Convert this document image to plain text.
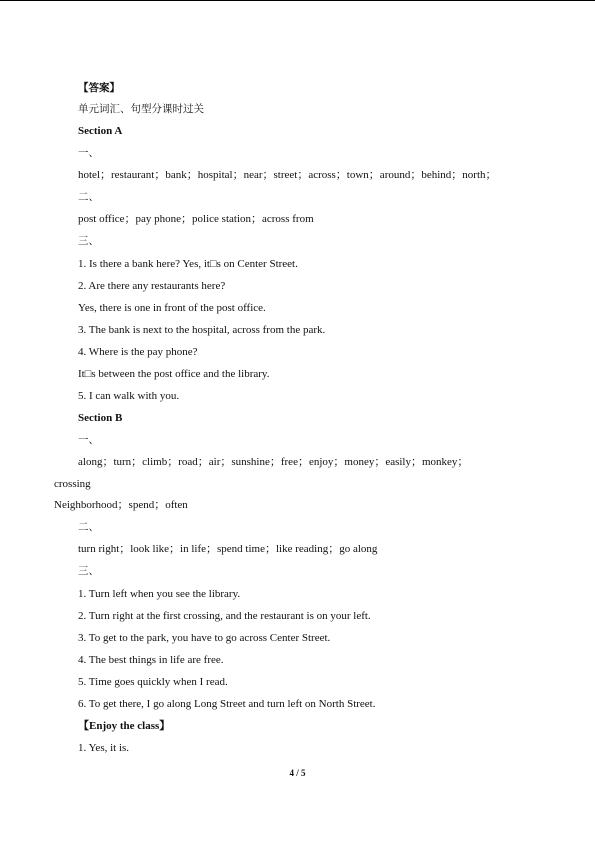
【答案】
单元词汇、句型分课时过关
Section A
一、
hotel；restaurant；bank；hospital；near；street；across；town；around；behind；north；
二、
post office；pay phone；police station；across from
三、
1. Is there a bank here? Yes, it□s on Center Street.
2. Are there any restaurants here?
Yes, there is one in front of the post office.
3. The bank is next to the hospital, across from the park.
4. Where is the pay phone?
It□s between the post office and the library.
5. I can walk with you.
Section B
一、
along；turn；climb；road；air；sunshine；free；enjoy；money；easily；monkey；
crossing
Neighborhood；spend；often
二、
turn right；look like；in life；spend time；like reading；go along
三、
1. Turn left when you see the library.
2. Turn right at the first crossing, and the restaurant is on your left.
3. To get to the park, you have to go across Center Street.
4. The best things in life are free.
5. Time goes quickly when I read.
6. To get there, I go along Long Street and turn left on North Street.
【Enjoy the class】
1. Yes, it is.
4 / 5
